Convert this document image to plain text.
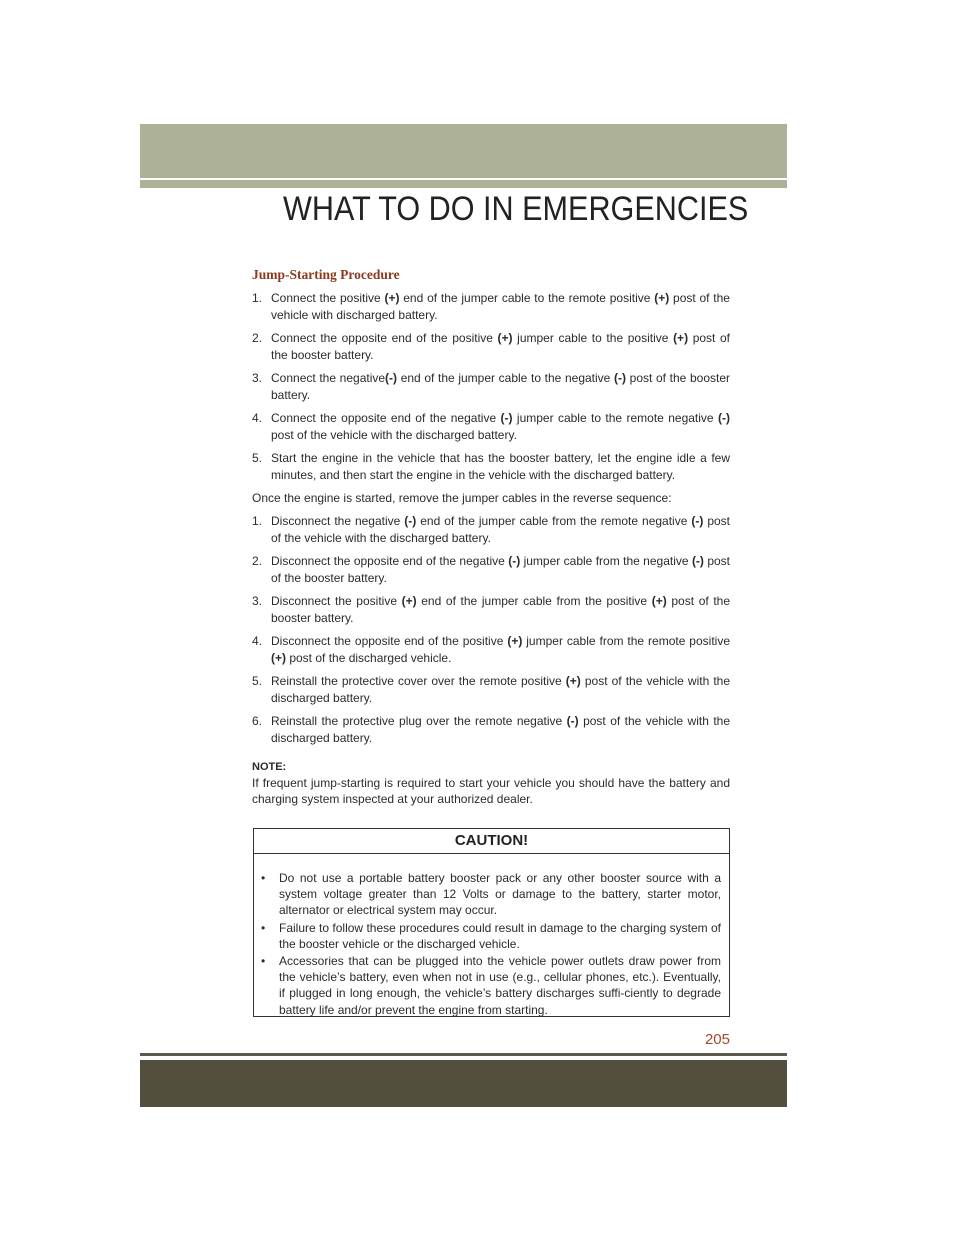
WHAT TO DO IN EMERGENCIES
Jump-Starting Procedure
1. Connect the positive (+) end of the jumper cable to the remote positive (+) post of the vehicle with discharged battery.
2. Connect the opposite end of the positive (+) jumper cable to the positive (+) post of the booster battery.
3. Connect the negative(-) end of the jumper cable to the negative (-) post of the booster battery.
4. Connect the opposite end of the negative (-) jumper cable to the remote negative (-) post of the vehicle with the discharged battery.
5. Start the engine in the vehicle that has the booster battery, let the engine idle a few minutes, and then start the engine in the vehicle with the discharged battery.
Once the engine is started, remove the jumper cables in the reverse sequence:
1. Disconnect the negative (-) end of the jumper cable from the remote negative (-) post of the vehicle with the discharged battery.
2. Disconnect the opposite end of the negative (-) jumper cable from the negative (-) post of the booster battery.
3. Disconnect the positive (+) end of the jumper cable from the positive (+) post of the booster battery.
4. Disconnect the opposite end of the positive (+) jumper cable from the remote positive (+) post of the discharged vehicle.
5. Reinstall the protective cover over the remote positive (+) post of the vehicle with the discharged battery.
6. Reinstall the protective plug over the remote negative (-) post of the vehicle with the discharged battery.
NOTE:
If frequent jump-starting is required to start your vehicle you should have the battery and charging system inspected at your authorized dealer.
CAUTION!
• Do not use a portable battery booster pack or any other booster source with a system voltage greater than 12 Volts or damage to the battery, starter motor, alternator or electrical system may occur.
• Failure to follow these procedures could result in damage to the charging system of the booster vehicle or the discharged vehicle.
• Accessories that can be plugged into the vehicle power outlets draw power from the vehicle’s battery, even when not in use (e.g., cellular phones, etc.). Eventually, if plugged in long enough, the vehicle’s battery discharges suffi-ciently to degrade battery life and/or prevent the engine from starting.
205
